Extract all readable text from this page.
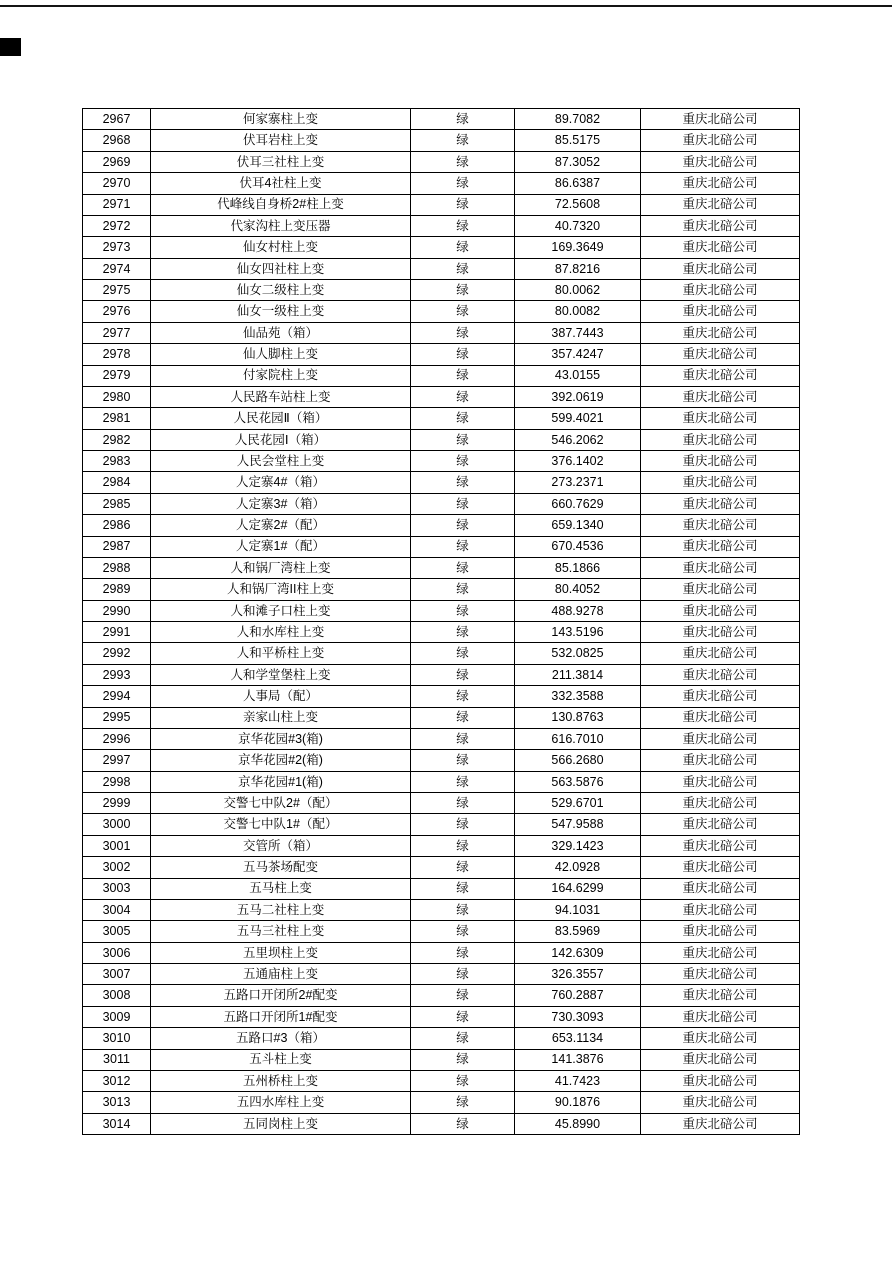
2967	何家寨柱上变	绿	89.7082	重庆北碚公司
2968	伏耳岩柱上变	绿	85.5175	重庆北碚公司
2969	伏耳三社柱上变	绿	87.3052	重庆北碚公司
2970	伏耳4社柱上变	绿	86.6387	重庆北碚公司
2971	代峰线自身桥2#柱上变	绿	72.5608	重庆北碚公司
2972	代家沟柱上变压器	绿	40.7320	重庆北碚公司
2973	仙女村柱上变	绿	169.3649	重庆北碚公司
2974	仙女四社柱上变	绿	87.8216	重庆北碚公司
2975	仙女二级柱上变	绿	80.0062	重庆北碚公司
2976	仙女一级柱上变	绿	80.0082	重庆北碚公司
2977	仙品苑（箱）	绿	387.7443	重庆北碚公司
2978	仙人脚柱上变	绿	357.4247	重庆北碚公司
2979	付家院柱上变	绿	43.0155	重庆北碚公司
2980	人民路车站柱上变	绿	392.0619	重庆北碚公司
2981	人民花园Ⅱ（箱）	绿	599.4021	重庆北碚公司
2982	人民花园Ⅰ（箱）	绿	546.2062	重庆北碚公司
2983	人民会堂柱上变	绿	376.1402	重庆北碚公司
2984	人定寨4#（箱）	绿	273.2371	重庆北碚公司
2985	人定寨3#（箱）	绿	660.7629	重庆北碚公司
2986	人定寨2#（配）	绿	659.1340	重庆北碚公司
2987	人定寨1#（配）	绿	670.4536	重庆北碚公司
2988	人和锅厂湾柱上变	绿	85.1866	重庆北碚公司
2989	人和锅厂湾II柱上变	绿	80.4052	重庆北碚公司
2990	人和滩子口柱上变	绿	488.9278	重庆北碚公司
2991	人和水库柱上变	绿	143.5196	重庆北碚公司
2992	人和平桥柱上变	绿	532.0825	重庆北碚公司
2993	人和学堂堡柱上变	绿	211.3814	重庆北碚公司
2994	人事局（配）	绿	332.3588	重庆北碚公司
2995	亲家山柱上变	绿	130.8763	重庆北碚公司
2996	京华花园#3(箱)	绿	616.7010	重庆北碚公司
2997	京华花园#2(箱)	绿	566.2680	重庆北碚公司
2998	京华花园#1(箱)	绿	563.5876	重庆北碚公司
2999	交警七中队2#（配）	绿	529.6701	重庆北碚公司
3000	交警七中队1#（配）	绿	547.9588	重庆北碚公司
3001	交管所（箱）	绿	329.1423	重庆北碚公司
3002	五马茶场配变	绿	42.0928	重庆北碚公司
3003	五马柱上变	绿	164.6299	重庆北碚公司
3004	五马二社柱上变	绿	94.1031	重庆北碚公司
3005	五马三社柱上变	绿	83.5969	重庆北碚公司
3006	五里坝柱上变	绿	142.6309	重庆北碚公司
3007	五通庙柱上变	绿	326.3557	重庆北碚公司
3008	五路口开闭所2#配变	绿	760.2887	重庆北碚公司
3009	五路口开闭所1#配变	绿	730.3093	重庆北碚公司
3010	五路口#3（箱）	绿	653.1134	重庆北碚公司
3011	五斗柱上变	绿	141.3876	重庆北碚公司
3012	五州桥柱上变	绿	41.7423	重庆北碚公司
3013	五四水库柱上变	绿	90.1876	重庆北碚公司
3014	五同岗柱上变	绿	45.8990	重庆北碚公司
